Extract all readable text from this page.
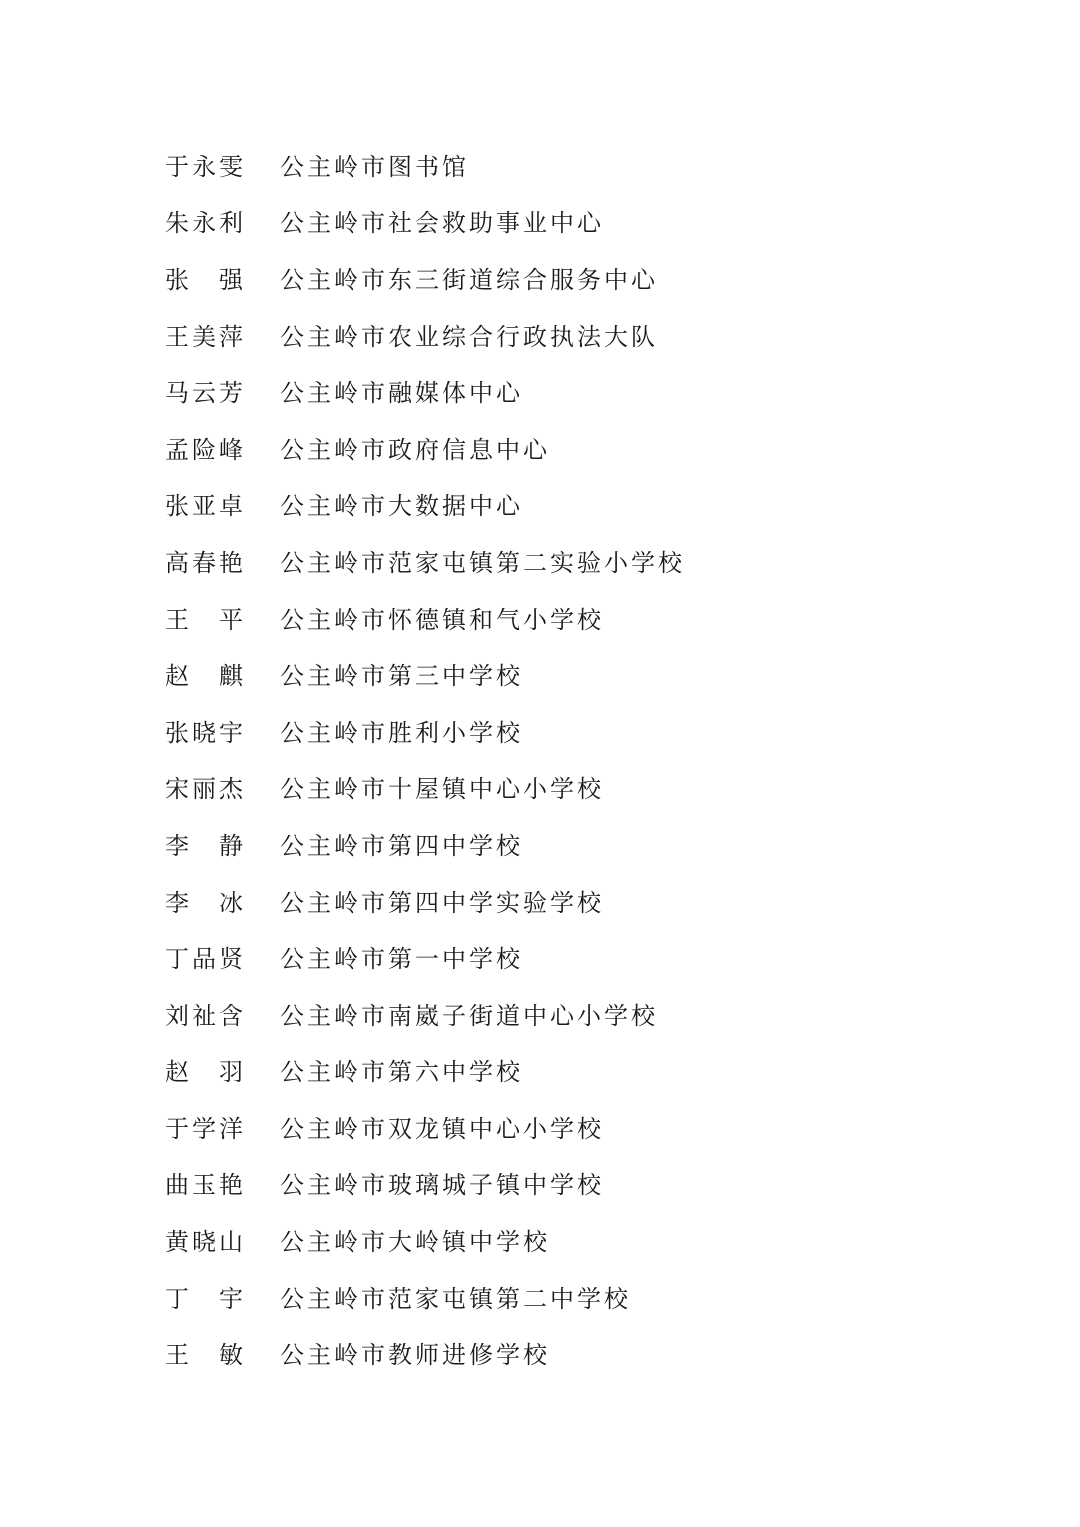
于永雯 公主岭市图书馆
朱永利 公主岭市社会救助事业中心
张　强 公主岭市东三街道综合服务中心
王美萍 公主岭市农业综合行政执法大队
马云芳 公主岭市融媒体中心
孟险峰 公主岭市政府信息中心
张亚卓 公主岭市大数据中心
高春艳 公主岭市范家屯镇第二实验小学校
王　平 公主岭市怀德镇和气小学校
赵　麒 公主岭市第三中学校
张晓宇 公主岭市胜利小学校
宋丽杰 公主岭市十屋镇中心小学校
李　静 公主岭市第四中学校
李　冰 公主岭市第四中学实验学校
丁品贤 公主岭市第一中学校
刘祉含 公主岭市南崴子街道中心小学校
赵　羽 公主岭市第六中学校
于学洋 公主岭市双龙镇中心小学校
曲玉艳 公主岭市玻璃城子镇中学校
黄晓山 公主岭市大岭镇中学校
丁　宇 公主岭市范家屯镇第二中学校
王　敏 公主岭市教师进修学校
